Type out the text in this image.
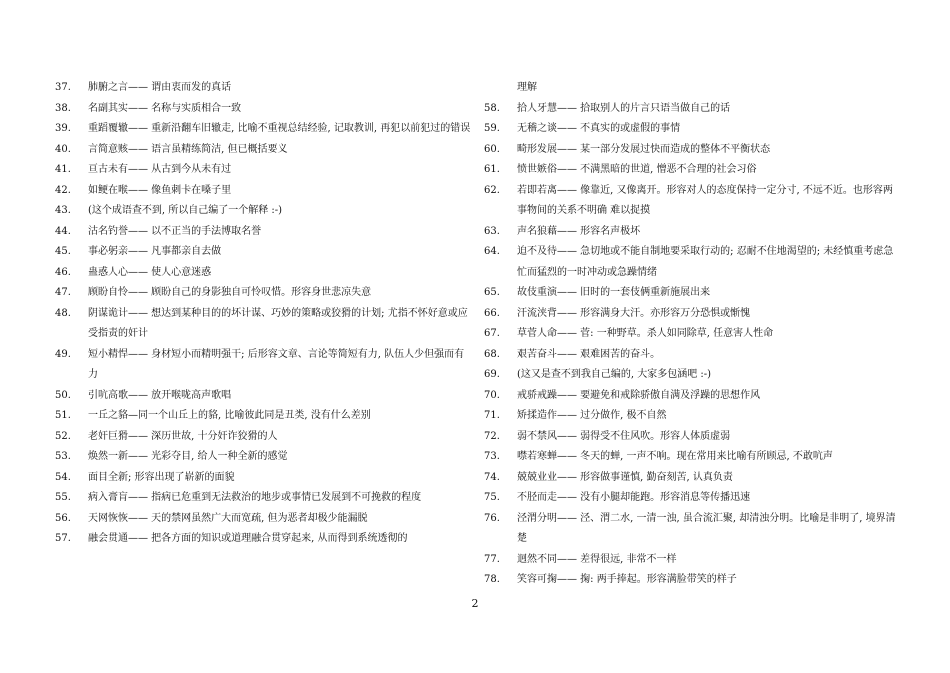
37.	肺腑之言—— 谓由衷而发的真话
38.	名副其实—— 名称与实质相合一致
39.	重蹈覆辙—— 重新沿翻车旧辙走, 比喻不重视总结经验, 记取教训, 再犯以前犯过的错误
40.	言简意赅—— 语言虽精练简洁, 但已概括要义
41.	亘古未有—— 从古到今从未有过
42.	如鲠在喉—— 像鱼刺卡在嗓子里
43.	(这个成语查不到, 所以自己编了一个解释 :-)
44.	沽名钓誉—— 以不正当的手法博取名誉
45.	事必躬亲—— 凡事都亲自去做
46.	蛊惑人心—— 使人心意迷惑
47.	顾盼自怜—— 顾盼自己的身影独自可怜叹惜。形容身世悲凉失意
48.	阴谋诡计—— 想达到某种目的的坏计谋、巧妙的策略或狡猾的计划; 尤指不怀好意或应受指责的奸计
49.	短小精悍—— 身材短小而精明强干; 后形容文章、言论等简短有力, 队伍人少但强而有力
50.	引吭高歌—— 放开喉咙高声歌唱
51.	一丘之貉—同一个山丘上的貉, 比喻彼此同是丑类, 没有什么差别
52.	老奸巨猾—— 深历世故, 十分奸诈狡猾的人
53.	焕然一新—— 光彩夺目, 给人一种全新的感觉
54.	面目全新; 形容出现了崭新的面貌
55.	病入膏肓—— 指病已危重到无法救治的地步或事情已发展到不可挽救的程度
56.	天网恢恢—— 天的禁网虽然广大而宽疏, 但为恶者却极少能漏脱
57.	融会贯通—— 把各方面的知识或道理融合贯穿起来, 从而得到系统透彻的
理解
58.	拾人牙慧—— 拾取别人的片言只语当做自己的话
59.	无稽之谈—— 不真实的或虚假的事情
60.	畸形发展—— 某一部分发展过快而造成的整体不平衡状态
61.	愤世嫉俗—— 不满黑暗的世道, 憎恶不合理的社会习俗
62.	若即若离—— 像靠近, 又像离开。形容对人的态度保持一定分寸, 不远不近。也形容两事物间的关系不明确 难以捉摸
63.	声名狼藉—— 形容名声极坏
64.	迫不及待—— 急切地或不能自制地要采取行动的; 忍耐不住地渴望的; 未经慎重考虑急忙而猛烈的一时冲动或急躁情绪
65.	故伎重演—— 旧时的一套伎俩重新施展出来
66.	汗流浃背—— 形容满身大汗。亦形容万分恐惧或惭愧
67.	草菅人命—— 菅: 一种野草。杀人如同除草, 任意害人性命
68.	艰苦奋斗—— 艰难困苦的奋斗。
69.	(这又是查不到我自己编的, 大家多包涵吧 :-)
70.	戒骄戒躁—— 要避免和戒除骄傲自满及浮躁的思想作风
71.	矫揉造作—— 过分做作, 极不自然
72.	弱不禁风—— 弱得受不住风吹。形容人体质虚弱
73.	噤若寒蝉—— 冬天的蝉, 一声不响。现在常用来比喻有所顾忌, 不敢吭声
74.	兢兢业业—— 形容做事谨慎, 勤奋刻苦, 认真负责
75.	不胫而走—— 没有小腿却能跑。形容消息等传播迅速
76.	泾渭分明—— 泾、渭二水, 一清一浊, 虽合流汇聚, 却清浊分明。比喻是非明了, 境界清楚
77.	迥然不同—— 差得很远, 非常不一样
78.	笑容可掬—— 掬: 两手捧起。形容满脸带笑的样子
2
